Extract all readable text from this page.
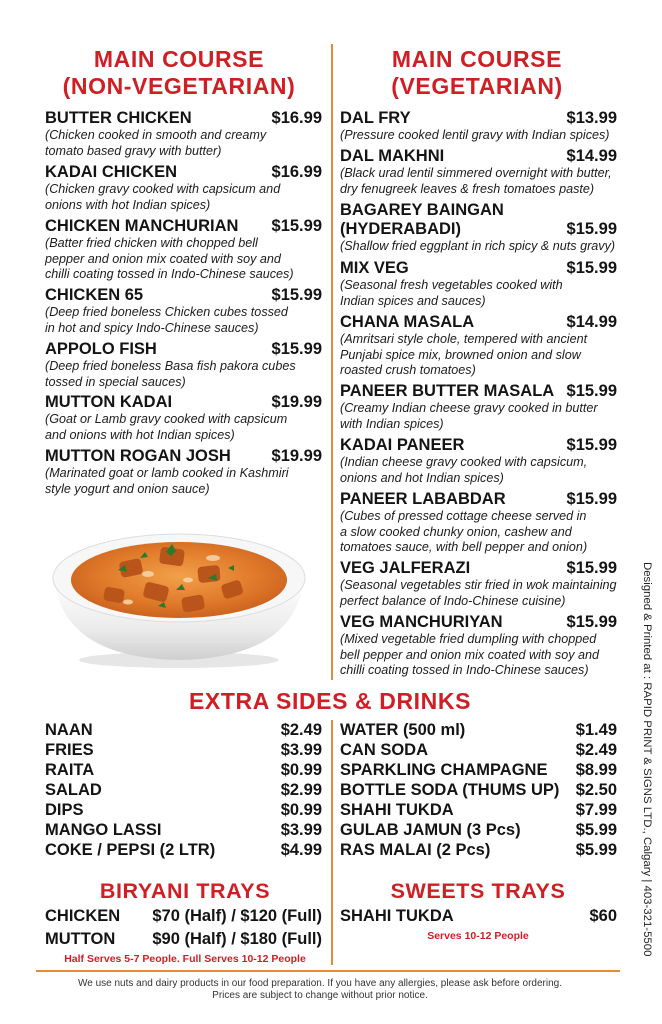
MAIN COURSE
(NON-VEGETARIAN)
MAIN COURSE
(VEGETARIAN)
BUTTER CHICKEN	$16.99
(Chicken cooked in smooth and creamy
tomato based gravy with butter)
KADAI CHICKEN	$16.99
(Chicken gravy cooked with capsicum and
onions with hot Indian spices)
CHICKEN MANCHURIAN $15.99
(Batter fried chicken with chopped bell
pepper and onion mix coated with soy and
chilli coating tossed in Indo-Chinese sauces)
CHICKEN 65	$15.99
(Deep fried boneless Chicken cubes tossed
in hot and spicy Indo-Chinese sauces)
APPOLO FISH	$15.99
(Deep fried boneless Basa fish pakora cubes
tossed in special sauces)
MUTTON KADAI	$19.99
(Goat or Lamb gravy cooked with capsicum
and onions with hot Indian spices)
MUTTON ROGAN JOSH $19.99
(Marinated goat or lamb cooked in Kashmiri
style yogurt and onion sauce)
DAL FRY	$13.99
(Pressure cooked lentil gravy with Indian spices)
DAL MAKHNI	$14.99
(Black urad lentil simmered overnight with butter,
dry fenugreek leaves & fresh tomatoes paste)
BAGAREY BAINGAN
(HYDERABADI)	$15.99
(Shallow fried eggplant in rich spicy & nuts gravy)
MIX VEG	$15.99
(Seasonal fresh vegetables cooked with
Indian spices and sauces)
CHANA MASALA	$14.99
(Amritsari style chole, tempered with ancient
Punjabi spice mix, browned onion and slow
roasted crush tomatoes)
PANEER BUTTER MASALA $15.99
(Creamy Indian cheese gravy cooked in butter
with Indian spices)
KADAI PANEER	$15.99
(Indian cheese gravy cooked with capsicum,
onions and hot Indian spices)
PANEER LABABDAR	$15.99
(Cubes of pressed cottage cheese served in
a slow cooked chunky onion, cashew and
tomatoes sauce, with bell pepper and onion)
VEG JALFERAZI	$15.99
(Seasonal vegetables stir fried in wok maintaining
perfect balance of Indo-Chinese cuisine)
VEG MANCHURIYAN	$15.99
(Mixed vegetable fried dumpling with chopped
bell pepper and onion mix coated with soy and
chilli coating tossed in Indo-Chinese sauces)
EXTRA SIDES & DRINKS
NAAN	$2.49
FRIES	$3.99
RAITA	$0.99
SALAD	$2.99
DIPS	$0.99
MANGO LASSI	$3.99
COKE / PEPSI (2 LTR)	$4.99
WATER (500 ml)	$1.49
CAN SODA	$2.49
SPARKLING CHAMPAGNE $8.99
BOTTLE SODA (THUMS UP) $2.50
SHAHI TUKDA	$7.99
GULAB JAMUN (3 Pcs)	$5.99
RAS MALAI (2 Pcs)	$5.99
BIRYANI TRAYS
CHICKEN $70 (Half) / $120 (Full)
MUTTON $90 (Half) / $180 (Full)
Half Serves 5-7 People. Full Serves 10-12 People
SWEETS TRAYS
SHAHI TUKDA	$60
Serves 10-12 People
We use nuts and dairy products in our food preparation. If you have any allergies, please ask before ordering.
Prices are subject to change without prior notice.
Designed & Printed at : RAPID PRINT & SIGNS LTD., Calgary | 403-321-5500
